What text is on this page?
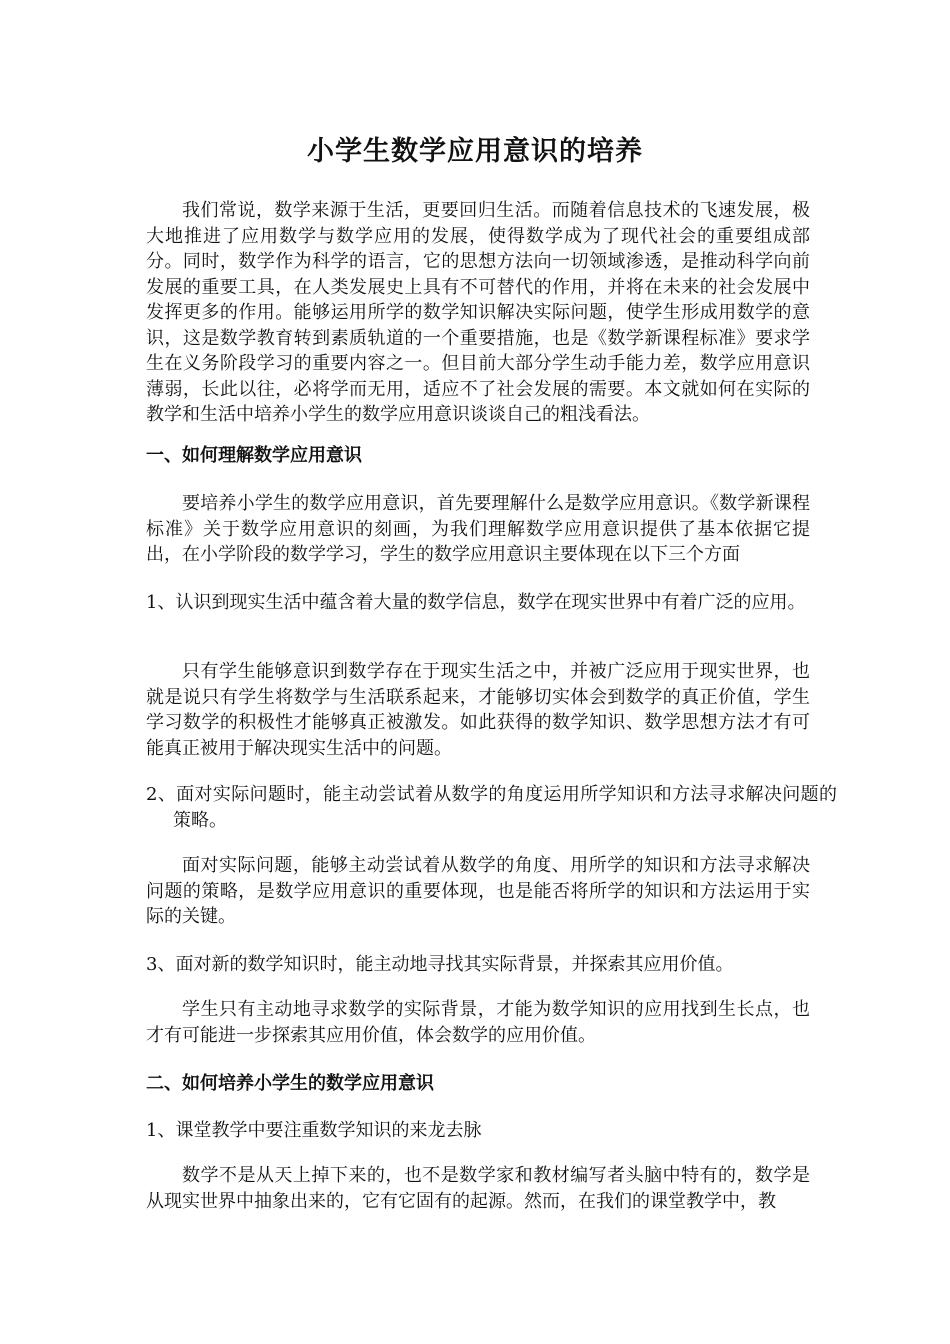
小学生数学应用意识的培养

我们常说，数学来源于生活，更要回归生活。而随着信息技术的飞速发展，极大地推进了应用数学与数学应用的发展，使得数学成为了现代社会的重要组成部分。同时，数学作为科学的语言，它的思想方法向一切领域渗透，是推动科学向前发展的重要工具，在人类发展史上具有不可替代的作用，并将在未来的社会发展中发挥更多的作用。能够运用所学的数学知识解决实际问题，使学生形成用数学的意识，这是数学教育转到素质轨道的一个重要措施，也是《数学新课程标准》要求学生在义务阶段学习的重要内容之一。但目前大部分学生动手能力差，数学应用意识薄弱，长此以往，必将学而无用，适应不了社会发展的需要。本文就如何在实际的教学和生活中培养小学生的数学应用意识谈谈自己的粗浅看法。

一、如何理解数学应用意识

要培养小学生的数学应用意识，首先要理解什么是数学应用意识。《数学新课程标准》关于数学应用意识的刻画，为我们理解数学应用意识提供了基本依据它提出，在小学阶段的数学学习，学生的数学应用意识主要体现在以下三个方面

1、认识到现实生活中蕴含着大量的数学信息，数学在现实世界中有着广泛的应用。

只有学生能够意识到数学存在于现实生活之中，并被广泛应用于现实世界，也就是说只有学生将数学与生活联系起来，才能够切实体会到数学的真正价值，学生学习数学的积极性才能够真正被激发。如此获得的数学知识、数学思想方法才有可能真正被用于解决现实生活中的问题。

2、面对实际问题时，能主动尝试着从数学的角度运用所学知识和方法寻求解决问题的策略。

面对实际问题，能够主动尝试着从数学的角度、用所学的知识和方法寻求解决问题的策略，是数学应用意识的重要体现，也是能否将所学的知识和方法运用于实际的关键。

3、面对新的数学知识时，能主动地寻找其实际背景，并探索其应用价值。

学生只有主动地寻求数学的实际背景，才能为数学知识的应用找到生长点，也才有可能进一步探索其应用价值，体会数学的应用价值。

二、如何培养小学生的数学应用意识

1、课堂教学中要注重数学知识的来龙去脉

数学不是从天上掉下来的，也不是数学家和教材编写者头脑中特有的，数学是从现实世界中抽象出来的，它有它固有的起源。然而，在我们的课堂教学中，教
